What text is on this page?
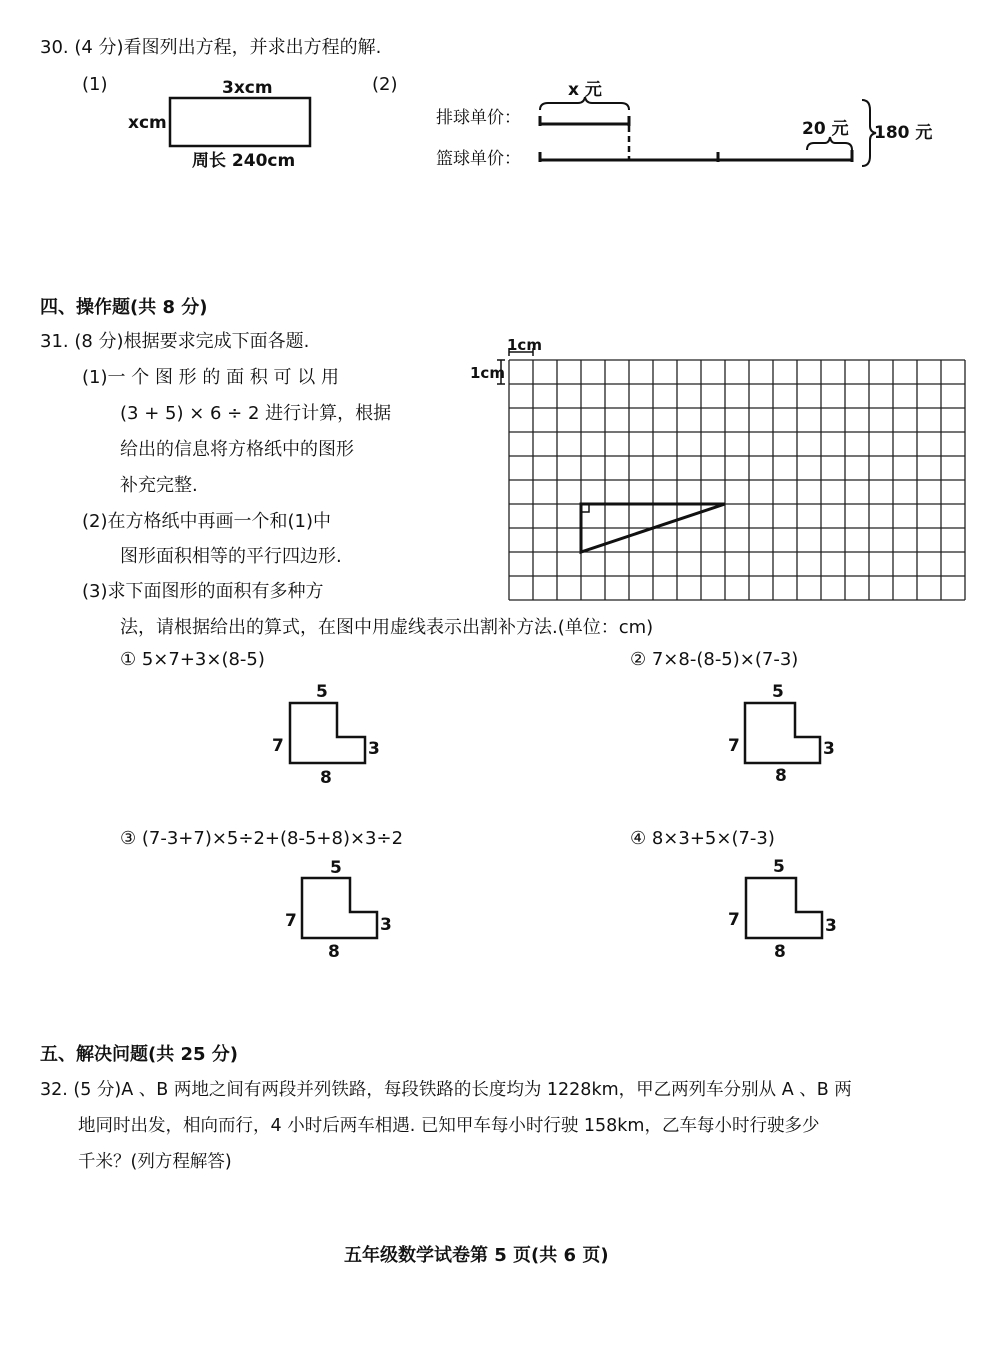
30. (4 分)看图列出方程，并求出方程的解.
(1)	3xcm
xcm
周长 240cm
(2)	x 元
排球单价：
篮球单价：
20 元 180 元
四、操作题(共 8 分)
31. (8 分)根据要求完成下面各题.
(1)一 个 图 形 的 面 积 可 以 用
(3 + 5) × 6 ÷ 2 进行计算，根据
给出的信息将方格纸中的图形
补充完整.
(2)在方格纸中再画一个和(1)中
图形面积相等的平行四边形.
(3)求下面图形的面积有多种方
法，请根据给出的算式，在图中用虚线表示出割补方法.(单位：cm)
1cm
1cm
① 5×7+3×(8-5)
5
7	3
8
② 7×8-(8-5)×(7-3)
5
7	3
8
③ (7-3+7)×5÷2+(8-5+8)×3÷2
5
7	3
8
④ 8×3+5×(7-3)
5
7	3
8
五、解决问题(共 25 分)
32. (5 分)A 、B 两地之间有两段并列铁路，每段铁路的长度均为 1228km，甲乙两列车分别从 A 、B 两
地同时出发，相向而行，4 小时后两车相遇. 已知甲车每小时行驶 158km，乙车每小时行驶多少
千米？(列方程解答)
五年级数学试卷第 5 页(共 6 页)
